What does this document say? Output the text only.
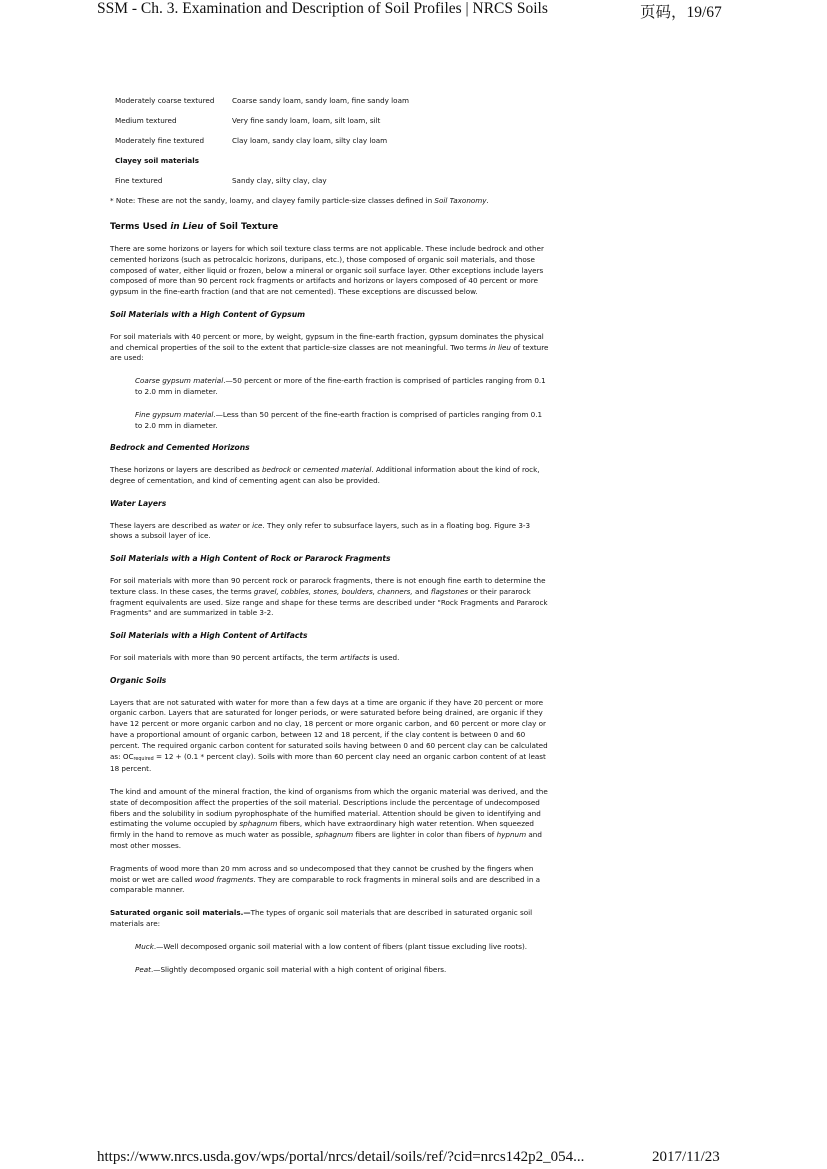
SSM - Ch. 3. Examination and Description of Soil Profiles | NRCS Soils	页码，19/67
Moderately coarse textured	Coarse sandy loam, sandy loam, fine sandy loam
Medium textured	Very fine sandy loam, loam, silt loam, silt
Moderately fine textured	Clay loam, sandy clay loam, silty clay loam
Clayey soil materials
Fine textured	Sandy clay, silty clay, clay
* Note: These are not the sandy, loamy, and clayey family particle-size classes defined in Soil Taxonomy.
Terms Used in Lieu of Soil Texture

There are some horizons or layers for which soil texture class terms are not applicable. These include bedrock and other cemented horizons (such as petrocalcic horizons, duripans, etc.), those composed of organic soil materials, and those composed of water, either liquid or frozen, below a mineral or organic soil surface layer. Other exceptions include layers composed of more than 90 percent rock fragments or artifacts and horizons or layers composed of 40 percent or more gypsum in the fine-earth fraction (and that are not cemented). These exceptions are discussed below.

Soil Materials with a High Content of Gypsum

For soil materials with 40 percent or more, by weight, gypsum in the fine-earth fraction, gypsum dominates the physical and chemical properties of the soil to the extent that particle-size classes are not meaningful. Two terms in lieu of texture are used:

Coarse gypsum material.—50 percent or more of the fine-earth fraction is comprised of particles ranging from 0.1 to 2.0 mm in diameter.

Fine gypsum material.—Less than 50 percent of the fine-earth fraction is comprised of particles ranging from 0.1 to 2.0 mm in diameter.

Bedrock and Cemented Horizons

These horizons or layers are described as bedrock or cemented material. Additional information about the kind of rock, degree of cementation, and kind of cementing agent can also be provided.

Water Layers

These layers are described as water or ice. They only refer to subsurface layers, such as in a floating bog. Figure 3-3 shows a subsoil layer of ice.

Soil Materials with a High Content of Rock or Pararock Fragments

For soil materials with more than 90 percent rock or pararock fragments, there is not enough fine earth to determine the texture class. In these cases, the terms gravel, cobbles, stones, boulders, channers, and flagstones or their pararock fragment equivalents are used. Size range and shape for these terms are described under "Rock Fragments and Pararock Fragments" and are summarized in table 3-2.

Soil Materials with a High Content of Artifacts

For soil materials with more than 90 percent artifacts, the term artifacts is used.

Organic Soils

Layers that are not saturated with water for more than a few days at a time are organic if they have 20 percent or more organic carbon. Layers that are saturated for longer periods, or were saturated before being drained, are organic if they have 12 percent or more organic carbon and no clay, 18 percent or more organic carbon, and 60 percent or more clay or have a proportional amount of organic carbon, between 12 and 18 percent, if the clay content is between 0 and 60 percent. The required organic carbon content for saturated soils having between 0 and 60 percent clay can be calculated as: $OC_{required} = 12 + (0.1$ * percent clay). Soils with more than 60 percent clay need an organic carbon content of at least 18 percent.

The kind and amount of the mineral fraction, the kind of organisms from which the organic material was derived, and the state of decomposition affect the properties of the soil material. Descriptions include the percentage of undecomposed fibers and the solubility in sodium pyrophosphate of the humified material. Attention should be given to identifying and estimating the volume occupied by sphagnum fibers, which have extraordinary high water retention. When squeezed firmly in the hand to remove as much water as possible, sphagnum fibers are lighter in color than fibers of hypnum and most other mosses.

Fragments of wood more than 20 mm across and so undecomposed that they cannot be crushed by the fingers when moist or wet are called wood fragments. They are comparable to rock fragments in mineral soils and are described in a comparable manner.

Saturated organic soil materials.—The types of organic soil materials that are described in saturated organic soil materials are:

Muck.—Well decomposed organic soil material with a low content of fibers (plant tissue excluding live roots).

Peat.—Slightly decomposed organic soil material with a high content of original fibers.

https://www.nrcs.usda.gov/wps/portal/nrcs/detail/soils/ref/?cid=nrcs142p2_054...	2017/11/23
